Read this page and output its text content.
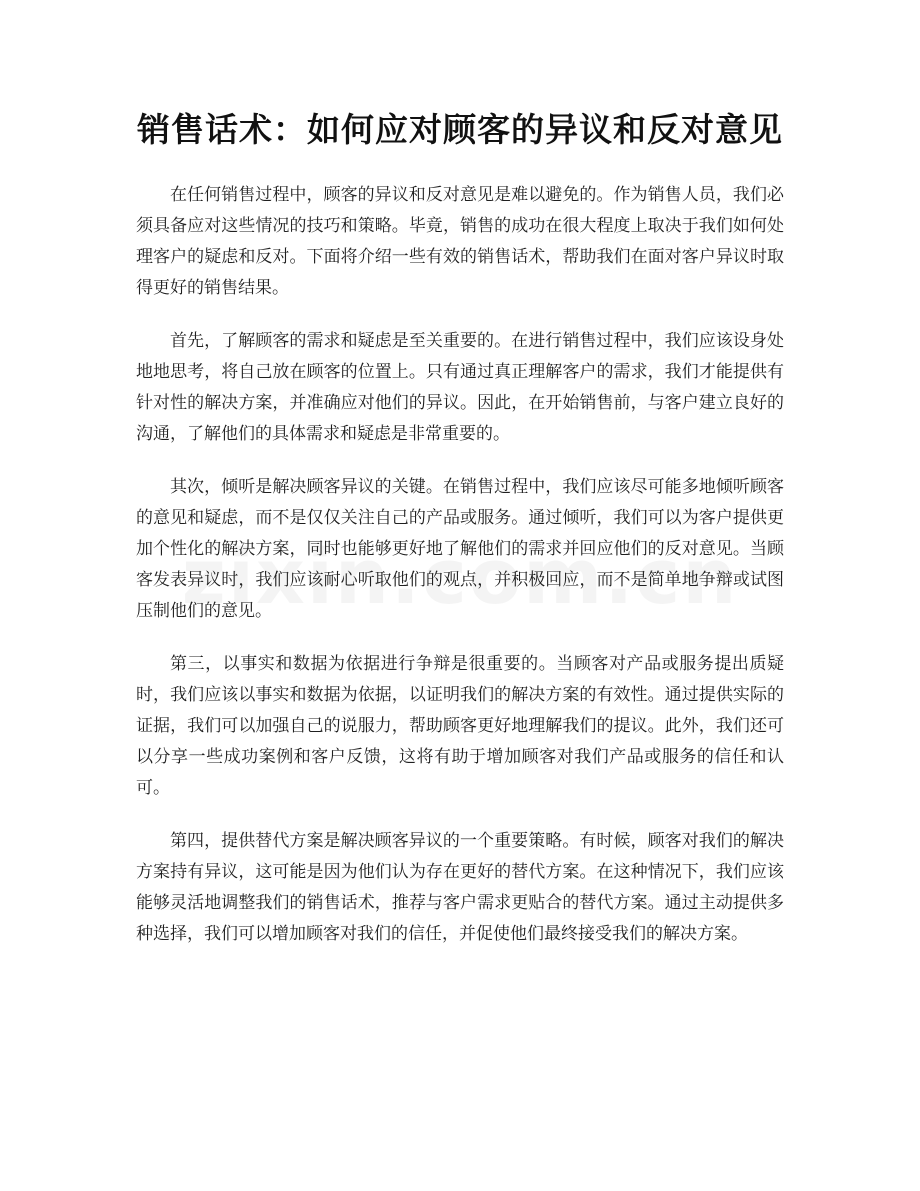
销售话术：如何应对顾客的异议和反对意见

在任何销售过程中，顾客的异议和反对意见是难以避免的。作为销售人员，我们必须具备应对这些情况的技巧和策略。毕竟，销售的成功在很大程度上取决于我们如何处理客户的疑虑和反对。下面将介绍一些有效的销售话术，帮助我们在面对客户异议时取得更好的销售结果。

首先，了解顾客的需求和疑虑是至关重要的。在进行销售过程中，我们应该设身处地地思考，将自己放在顾客的位置上。只有通过真正理解客户的需求，我们才能提供有针对性的解决方案，并准确应对他们的异议。因此，在开始销售前，与客户建立良好的沟通，了解他们的具体需求和疑虑是非常重要的。

其次，倾听是解决顾客异议的关键。在销售过程中，我们应该尽可能多地倾听顾客的意见和疑虑，而不是仅仅关注自己的产品或服务。通过倾听，我们可以为客户提供更加个性化的解决方案，同时也能够更好地了解他们的需求并回应他们的反对意见。当顾客发表异议时，我们应该耐心听取他们的观点，并积极回应，而不是简单地争辩或试图压制他们的意见。

第三，以事实和数据为依据进行争辩是很重要的。当顾客对产品或服务提出质疑时，我们应该以事实和数据为依据，以证明我们的解决方案的有效性。通过提供实际的证据，我们可以加强自己的说服力，帮助顾客更好地理解我们的提议。此外，我们还可以分享一些成功案例和客户反馈，这将有助于增加顾客对我们产品或服务的信任和认可。

第四，提供替代方案是解决顾客异议的一个重要策略。有时候，顾客对我们的解决方案持有异议，这可能是因为他们认为存在更好的替代方案。在这种情况下，我们应该能够灵活地调整我们的销售话术，推荐与客户需求更贴合的替代方案。通过主动提供多种选择，我们可以增加顾客对我们的信任，并促使他们最终接受我们的解决方案。
